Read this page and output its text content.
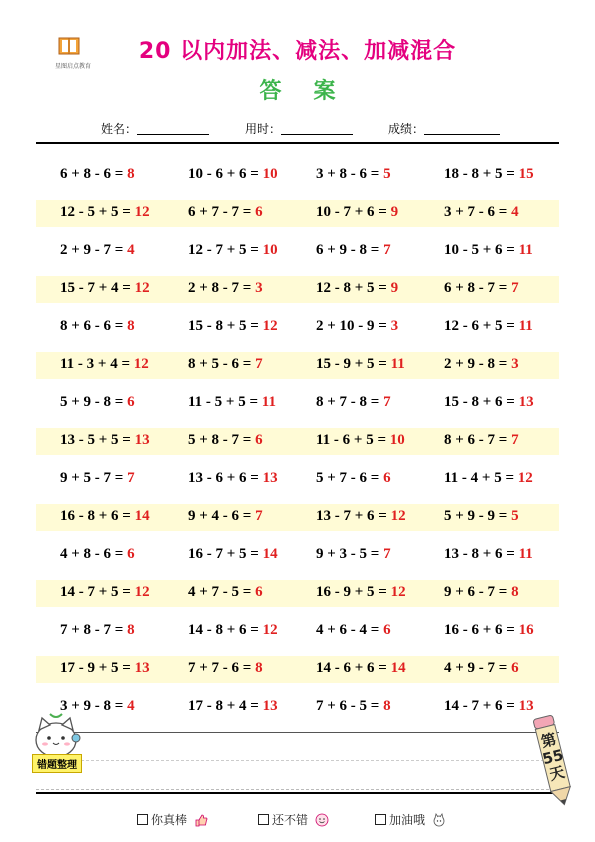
星图启点教育
20 以内加法、减法、加减混合
答 案
姓名：	用时：	成绩：
6 + 8 - 6 = 8	10 - 6 + 6 = 10	3 + 8 - 6 = 5	18 - 8 + 5 = 15
12 - 5 + 5 = 12	6 + 7 - 7 = 6	10 - 7 + 6 = 9	3 + 7 - 6 = 4
2 + 9 - 7 = 4	12 - 7 + 5 = 10	6 + 9 - 8 = 7	10 - 5 + 6 = 11
15 - 7 + 4 = 12	2 + 8 - 7 = 3	12 - 8 + 5 = 9	6 + 8 - 7 = 7
8 + 6 - 6 = 8	15 - 8 + 5 = 12	2 + 10 - 9 = 3	12 - 6 + 5 = 11
11 - 3 + 4 = 12	8 + 5 - 6 = 7	15 - 9 + 5 = 11	2 + 9 - 8 = 3
5 + 9 - 8 = 6	11 - 5 + 5 = 11	8 + 7 - 8 = 7	15 - 8 + 6 = 13
13 - 5 + 5 = 13	5 + 8 - 7 = 6	11 - 6 + 5 = 10	8 + 6 - 7 = 7
9 + 5 - 7 = 7	13 - 6 + 6 = 13	5 + 7 - 6 = 6	11 - 4 + 5 = 12
16 - 8 + 6 = 14	9 + 4 - 6 = 7	13 - 7 + 6 = 12	5 + 9 - 9 = 5
4 + 8 - 6 = 6	16 - 7 + 5 = 14	9 + 3 - 5 = 7	13 - 8 + 6 = 11
14 - 7 + 5 = 12	4 + 7 - 5 = 6	16 - 9 + 5 = 12	9 + 6 - 7 = 8
7 + 8 - 7 = 8	14 - 8 + 6 = 12	4 + 6 - 4 = 6	16 - 6 + 6 = 16
17 - 9 + 5 = 13	7 + 7 - 6 = 8	14 - 6 + 6 = 14	4 + 9 - 7 = 6
3 + 9 - 8 = 4	17 - 8 + 4 = 13	7 + 6 - 5 = 8	14 - 7 + 6 = 13
错题整理
第
55
天
你真棒	还不错	加油哦
